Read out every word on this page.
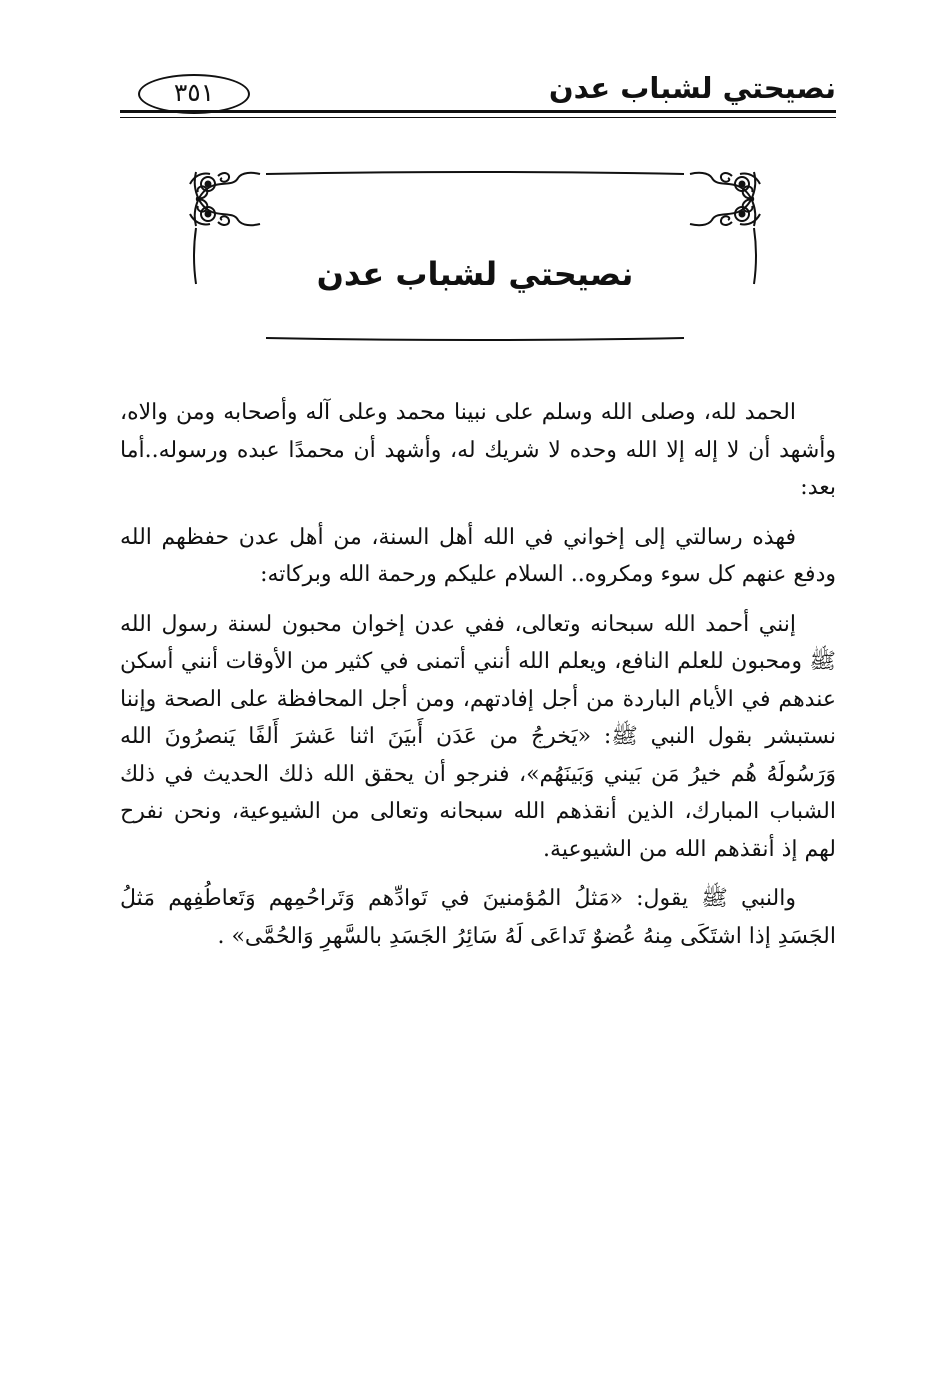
نصيحتي لشباب عدن
٣٥١
نصيحتي لشباب عدن

الحمد لله، وصلى الله وسلم على نبينا محمد وعلى آله وأصحابه ومن والاه، وأشهد أن لا إله إلا الله وحده لا شريك له، وأشهد أن محمدًا عبده ورسوله..أما بعد:

فهذه رسالتي إلى إخواني في الله أهل السنة، من أهل عدن حفظهم الله ودفع عنهم كل سوء ومكروه.. السلام عليكم ورحمة الله وبركاته:

إنني أحمد الله سبحانه وتعالى، ففي عدن إخوان محبون لسنة رسول الله ﷺ ومحبون للعلم النافع، ويعلم الله أنني أتمنى في كثير من الأوقات أنني أسكن عندهم في الأيام الباردة من أجل إفادتهم، ومن أجل المحافظة على الصحة وإننا نستبشر بقول النبي ﷺ: «يَخرجُ من عَدَن أَبيَنَ اثنا عَشرَ أَلفًا يَنصرُونَ الله وَرَسُولَهُ هُم خيرُ مَن بَيني وَبَينَهُم»، فنرجو أن يحقق الله ذلك الحديث في ذلك الشباب المبارك، الذين أنقذهم الله سبحانه وتعالى من الشيوعية، ونحن نفرح لهم إذ أنقذهم الله من الشيوعية.

والنبي ﷺ يقول: «مَثلُ المُؤمنينَ في تَوادِّهم وَتَراحُمِهم وَتَعاطُفِهم مَثلُ الجَسَدِ إذا اشتَكَى مِنهُ عُضوٌ تَداعَى لَهُ سَائِرُ الجَسَدِ بالسَّهرِ وَالحُمَّى» .
